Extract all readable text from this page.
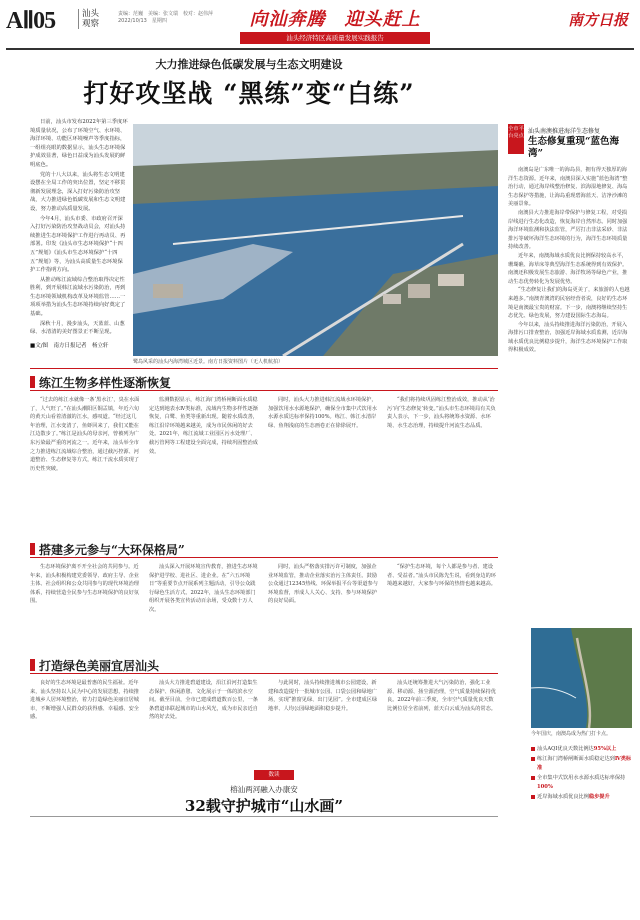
AⅡ05	汕头观察
责编：范巍　美编：张文瑞　校对：赵伟萍
2022/10/13　星期四	向汕奔腾　迎头赶上
汕头经济特区高质量发展实践报告
南方日报
大力推进绿色低碳发展与生态文明建设
打好攻坚战 “黑练”变“白练”

日前，汕头市发布2022年第三季度环境质量状况，公布了环境空气、水环境、海洋环境、功能区环境噪声等季度指标，一组组亮眼的数据显示，汕头生态环境保护成效显著，绿色日益成为汕头发展的鲜明底色。

党的十八大以来，汕头将生态文明建设摆在全局工作的突出位置，坚定不移贯彻新发展理念，深入打好污染防治攻坚战，大力推进绿色低碳发展和生态文明建设，努力推动高质量发展。

今年4月，汕头市委、市政府召开深入打好污染防治攻坚战动员会，对汕头持续推进生态环境保护工作进行再动员、再部署。印发《汕头市生态环境保护“十四五”规划》《汕头市生态环境保护“十四五”规划》等，为汕头高质量生态环境保护工作指明方向。

从推动练江流域综合整治取得决定性胜利，到开展韩江流域水污染防治，再到生态环境领域机构改革及环境监管……一项项举措为汕头生态环境持续向好奠定了基础。

深秋十月，漫步汕头，天蓝蓝、山葱绿、水清清的美好图景正不断呈现。

■文/图　南方日报记者　杨立轩

鹭岛风采的汕头内海湾城区近景。南方日报资料图片（无人机航拍）
练江生物多样性逐渐恢复
“过去的练江水就像一条‘黑水江’，臭在水面了，人气旺了。”在汕头潮阳区铜盂镇，年近六旬的黄天山看着清澈的江水，感叹道。“经过这几年治理，江水变清了，鱼虾回来了，我们又能在江边散步了。”练江是汕头的母亲河，曾被列为广东污染最严重的河流之一。近年来，汕头举全市之力推进练江流域综合整治，通过截污控源、河道整治、生态修复等方式，练江干流水质实现了历史性突破。
监测数据显示，练江海门湾桥闸断面水质稳定达到地表水Ⅳ类标准，流域内生物多样性逐渐恢复，白鹭、鱼类等重新出现。随着水质改善，练江沿岸环境越来越美，成为市民休闲的好去处。2021年，练江流域工业园区污水处理厂、截污管网等工程建设全面完成，持续巩固整治成效。
同时，汕头大力推进韩江流域水环境保护，加强饮用水水源地保护，确保全市集中式饮用水水源水质达标率保持100%。练江、韩江水清岸绿、鱼翔浅底的生态画卷正在徐徐展开。
“我们将持续巩固练江整治成效，推动从‘治污’向‘生态修复’转变。”汕头市生态环境局有关负责人表示，下一步，汕头将统筹水资源、水环境、水生态治理，持续提升河流生态品质。
搭建多元参与“大环保格局”
生态环境保护离不开全社会的共同参与。近年来，汕头积极构建党委领导、政府主导、企业主体、社会组织和公众共同参与的现代环境治理体系，持续营造全民参与生态环境保护的良好氛围。
汕头深入开展环境宣传教育，推进生态环境保护进学校、进社区、进企业。在“六五环境日”等重要节点开展系列主题活动，引导公众践行绿色生活方式。2022年，汕头生态环境部门组织开展各类宣传活动百余场，受众数十万人次。
同时，汕头严格落实排污许可制度，加强企业环境监管，推动企业落实治污主体责任。鼓励公众通过12345热线、环保举报平台等渠道参与环境监督，形成人人关心、支持、参与环境保护的良好局面。
“保护生态环境，每个人都是参与者、建设者、受益者。”汕头市民陈先生说，看到身边的环境越来越好，大家参与环保的热情也越来越高。
打造绿色美丽宜居汕头
良好的生态环境是最普惠的民生福祉。近年来，汕头坚持以人民为中心的发展思想，持续推进城乡人居环境整治，着力打造绿色美丽宜居城市，不断增强人民群众的获得感、幸福感、安全感。
汕头大力推进碧道建设，沿江沿河打造集生态保护、休闲游憩、文化展示于一体的滨水空间。截至目前，全市已建成碧道数百公里，一条条碧道串联起城市的山水风光，成为市民亲近自然的好去处。
与此同时，汕头持续推进城市公园建设，新建和改造提升一批城市公园、口袋公园和绿地广场，实现“推窗见绿、出门见园”。全市建成区绿地率、人均公园绿地面积稳步提升。
汕头还统筹推进大气污染防治，强化工业源、移动源、扬尘源治理，空气质量持续保持优良。2022年前三季度，全市空气质量优良天数比例位居全省前列，蓝天白云成为汕头的常态。
全市平台亮点
汕头南澳推进海洋生态修复
生态修复重现“蓝色海湾”

南澳岛是广东唯一的海岛县，拥有得天独厚的海洋生态资源。近年来，南澳县深入实施“蓝色海湾”整治行动，通过海岸线整治修复、滨海湿地修复、海岛生态保护等措施，让海岛重现碧海蓝天、洁净沙滩的美丽景象。

南澳县大力推进海岸带保护与修复工程，对受损岸线进行生态化改造，恢复海岸自然形态。同时加强海洋环境监测和执法监管，严厉打击非法采砂、非法排污等破坏海洋生态环境的行为，海洋生态环境质量持续改善。

近年来，南澳海域水质优良比例保持较高水平，珊瑚礁、海草床等典型海洋生态系统得到有效保护。南澳还积极发展生态旅游、海洋牧场等绿色产业，推动生态优势转化为发展优势。

“生态修复让我们的海岛更美了，来旅游的人也越来越多。”南澳青澳湾的民宿经营者说，良好的生态环境是南澳最宝贵的财富。下一步，南澳将继续坚持生态优先、绿色发展，努力建设国际生态海岛。

今年以来，汕头持续推进海洋污染防治，开展入海排污口排查整治，加强近岸海域水质监测，近岸海域水质优良比例稳步提升，海洋生态环境保护工作取得积极成效。

今年国庆，南澳岛成为热门打卡点。
汕头AQI优良天数比例达95%以上
练江海门湾桥闸断面水质稳定达到Ⅳ类标准
全市集中式饮用水水源水质达标率保持100%
近岸海域水质优良比例稳步提升
数读
榕汕两河融入办康安
32载守护城市“山水画”
